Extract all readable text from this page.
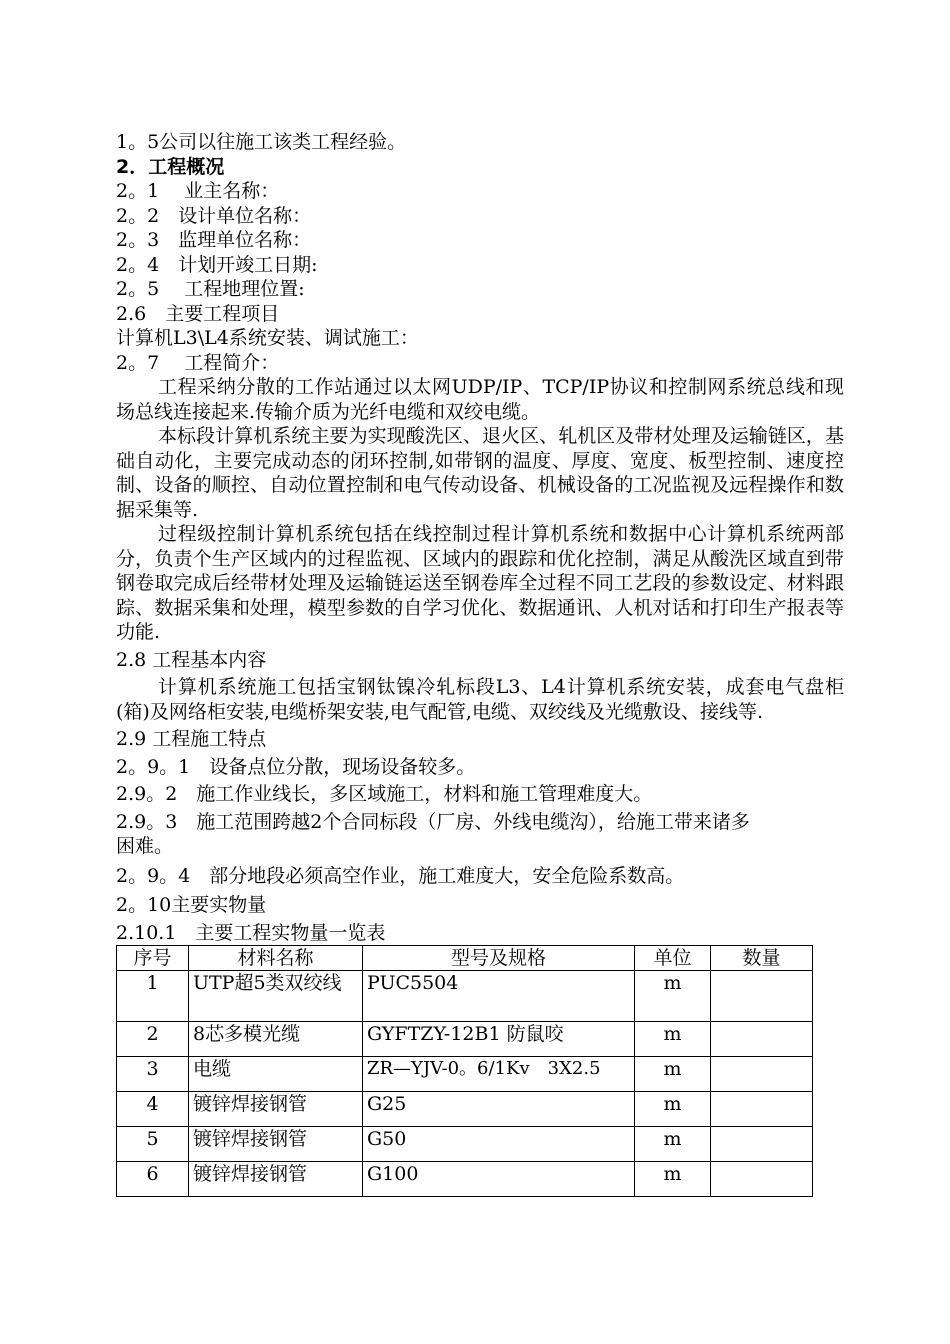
1。5公司以往施工该类工程经验。
2．工程概况
2。1　 业主名称：
2。2　设计单位名称：
2。3　监理单位名称：
2。4　计划开竣工日期:
2。5　 工程地理位置:
2.6　主要工程项目
计算机L3\L4系统安装、调试施工：
2。7　 工程简介：

工程采纳分散的工作站通过以太网UDP/IP、TCP/IP协议和控制网系统总线和现场总线连接起来.传输介质为光纤电缆和双绞电缆。

本标段计算机系统主要为实现酸洗区、退火区、轧机区及带材处理及运输链区，基础自动化，主要完成动态的闭环控制,如带钢的温度、厚度、宽度、板型控制、速度控制、设备的顺控、自动位置控制和电气传动设备、机械设备的工况监视及远程操作和数据采集等.

过程级控制计算机系统包括在线控制过程计算机系统和数据中心计算机系统两部分，负责个生产区域内的过程监视、区域内的跟踪和优化控制，满足从酸洗区域直到带钢卷取完成后经带材处理及运输链运送至钢卷库全过程不同工艺段的参数设定、材料跟踪、数据采集和处理，模型参数的自学习优化、数据通讯、人机对话和打印生产报表等功能.

2.8 工程基本内容

计算机系统施工包括宝钢钛镍冷轧标段L3、L4计算机系统安装，成套电气盘柜(箱)及网络柜安装,电缆桥架安装,电气配管,电缆、双绞线及光缆敷设、接线等.

2.9 工程施工特点
2。9。1　设备点位分散，现场设备较多。
2.9。2　施工作业线长，多区域施工，材料和施工管理难度大。
2.9。3　施工范围跨越2个合同标段（厂房、外线电缆沟），给施工带来诸多
困难。
2。9。4　部分地段必须高空作业，施工难度大，安全危险系数高。
2。10主要实物量
2.10.1　主要工程实物量一览表
序号	材料名称	型号及规格	单位	数量
1	UTP超5类双绞线	PUC5504	m	
2	8芯多模光缆	GYFTZY-12B1 防鼠咬	m	
3	电缆	ZR—YJV-0。6/1Kv　3X2.5	m	
4	镀锌焊接钢管	G25	m	
5	镀锌焊接钢管	G50	m	
6	镀锌焊接钢管	G100	m	
